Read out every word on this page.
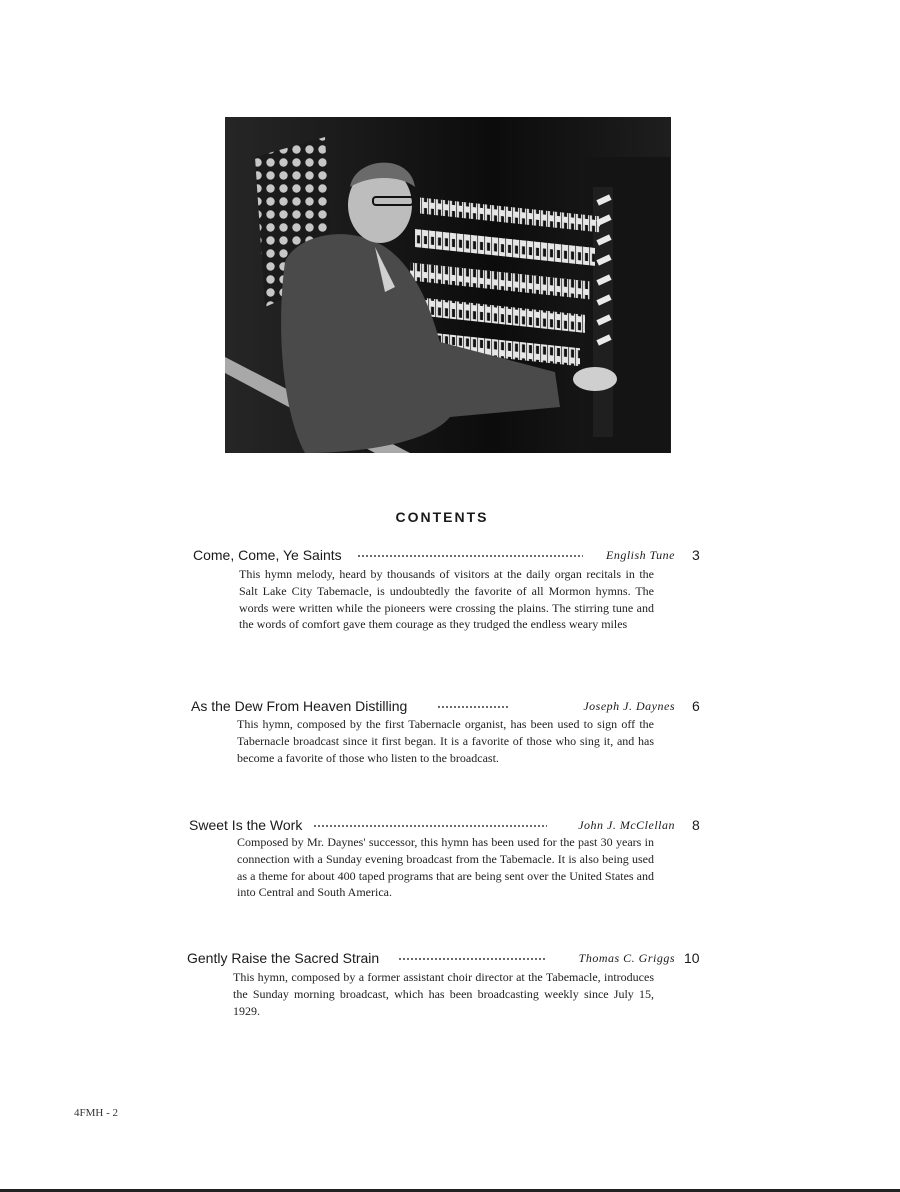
CONTENTS
Come, Come, Ye Saints	English Tune 3
This hymn melody, heard by thousands of visitors at the daily organ recitals in the Salt Lake City Tabemacle, is undoubtedly the favorite of all Mormon hymns. The words were written while the pioneers were crossing the plains. The stirring tune and the words of comfort gave them courage as they trudged the endless weary miles
As the Dew From Heaven Distilling	Joseph J. Daynes 6
This hymn, composed by the first Tabernacle organist, has been used to sign off the Tabernacle broadcast since it first began. It is a favorite of those who sing it, and has become a favorite of those who listen to the broadcast.
Sweet Is the Work	John J. McClellan 8
Composed by Mr. Daynes' successor, this hymn has been used for the past 30 years in connection with a Sunday evening broadcast from the Tabemacle. It is also being used as a theme for about 400 taped programs that are being sent over the United States and into Central and South America.
Gently Raise the Sacred Strain	Thomas C. Griggs 10
This hymn, composed by a former assistant choir director at the Tabemacle, introduces the Sunday morning broadcast, which has been broadcasting weekly since July 15, 1929.
4FMH - 2
